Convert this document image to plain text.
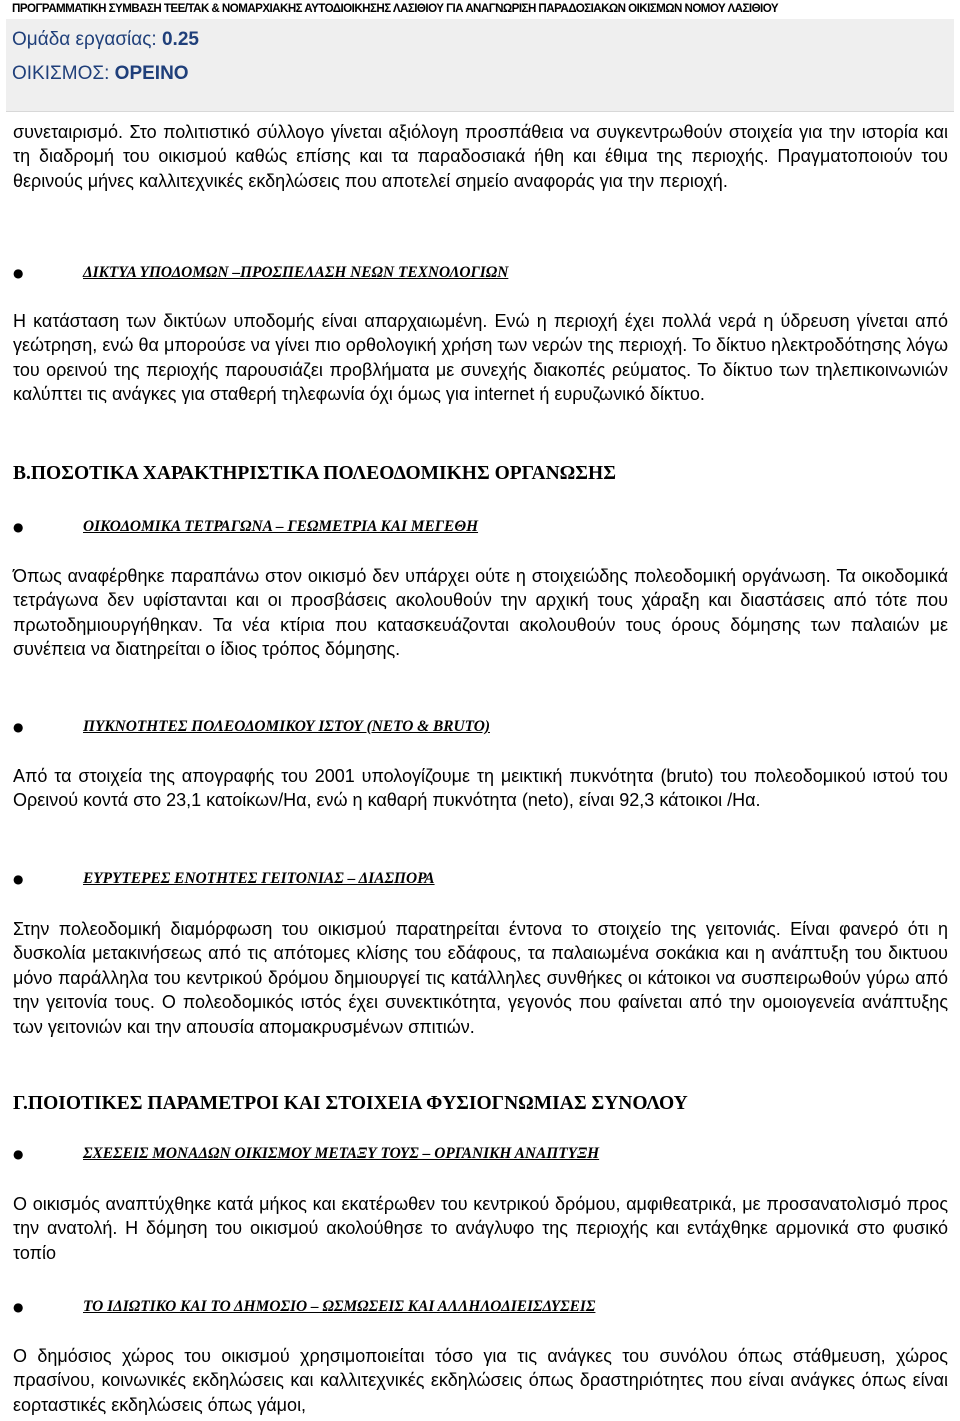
ΠΡΟΓΡΑΜΜΑΤΙΚΗ ΣΥΜΒΑΣΗ ΤΕΕ/ΤΑΚ & ΝΟΜΑΡΧΙΑΚΗΣ ΑΥΤΟΔΙΟΙΚΗΣΗΣ ΛΑΣΙΘΙΟΥ ΓΙΑ ΑΝΑΓΝΩΡΙΣΗ ΠΑΡΑΔΟΣΙΑΚΩΝ ΟΙΚΙΣΜΩΝ ΝΟΜΟΥ ΛΑΣΙΘΙΟΥ
Ομάδα εργασίας: 0.25
ΟΙΚΙΣΜΟΣ: ΟΡΕΙΝΟ

συνεταιρισμό. Στο πολιτιστικό σύλλογο γίνεται αξιόλογη προσπάθεια να συγκεντρωθούν στοιχεία για την ιστορία και τη διαδρομή του οικισμού καθώς επίσης και τα παραδοσιακά ήθη και έθιμα της περιοχής. Πραγματοποιούν του θερινούς μήνες καλλιτεχνικές εκδηλώσεις που αποτελεί σημείο αναφοράς για την περιοχή.

●	ΔΙΚΤΥΑ ΥΠΟΔΟΜΩΝ –ΠΡΟΣΠΕΛΑΣΗ ΝΕΩΝ ΤΕΧΝΟΛΟΓΙΩΝ

Η κατάσταση των δικτύων υποδομής είναι απαρχαιωμένη. Ενώ η περιοχή έχει πολλά νερά η ύδρευση γίνεται από γεώτρηση, ενώ θα μπορούσε να γίνει πιο ορθολογική χρήση των νερών της περιοχή. Το δίκτυο ηλεκτροδότησης λόγω του ορεινού της περιοχής παρουσιάζει προβλήματα με συνεχής διακοπές ρεύματος. Το δίκτυο των τηλεπικοινωνιών καλύπτει τις ανάγκες για σταθερή τηλεφωνία όχι όμως για internet ή ευρυζωνικό δίκτυο.

Β.ΠΟΣΟΤΙΚΑ ΧΑΡΑΚΤΗΡΙΣΤΙΚΑ ΠΟΛΕΟΔΟΜΙΚΗΣ ΟΡΓΑΝΩΣΗΣ
●	ΟΙΚΟΔΟΜΙΚΑ ΤΕΤΡΑΓΩΝΑ – ΓΕΩΜΕΤΡΙΑ ΚΑΙ ΜΕΓΕΘΗ

Όπως αναφέρθηκε παραπάνω στον οικισμό δεν υπάρχει ούτε η στοιχειώδης πολεοδομική οργάνωση. Τα οικοδομικά τετράγωνα δεν υφίστανται και οι προσβάσεις ακολουθούν την αρχική τους χάραξη και διαστάσεις από τότε που πρωτοδημιουργήθηκαν. Τα νέα κτίρια που κατασκευάζονται ακολουθούν τους όρους δόμησης των παλαιών με συνέπεια να διατηρείται ο ίδιος τρόπος δόμησης.

●	ΠΥΚΝΟΤΗΤΕΣ ΠΟΛΕΟΔΟΜΙΚΟΥ ΙΣΤΟΥ (NETO & BRUTO)

Από τα στοιχεία της απογραφής του 2001 υπολογίζουμε τη μεικτική πυκνότητα (bruto) του πολεοδομικού ιστού του Ορεινού κοντά στο 23,1 κατοίκων/Ηα, ενώ η καθαρή πυκνότητα (neto), είναι 92,3 κάτοικοι /Ηα.

●	ΕΥΡΥΤΕΡΕΣ ΕΝΟΤΗΤΕΣ ΓΕΙΤΟΝΙΑΣ – ΔΙΑΣΠΟΡΑ

Στην πολεοδομική διαμόρφωση του οικισμού παρατηρείται έντονα το στοιχείο της γειτονιάς. Είναι φανερό ότι η δυσκολία μετακινήσεως από τις απότομες κλίσης του εδάφους, τα παλαιωμένα σοκάκια και η ανάπτυξη του δικτυου μόνο παράλληλα του κεντρικού δρόμου δημιουργεί τις κατάλληλες συνθήκες οι κάτοικοι να συσπειρωθούν γύρω από την γειτονία τους. Ο πολεοδομικός ιστός έχει συνεκτικότητα, γεγονός που φαίνεται από την ομοιογενεία ανάπτυξης των γειτονιών και την απουσία απομακρυσμένων σπιτιών.

Γ.ΠΟΙΟΤΙΚΕΣ ΠΑΡΑΜΕΤΡΟΙ ΚΑΙ ΣΤΟΙΧΕΙΑ ΦΥΣΙΟΓΝΩΜΙΑΣ ΣΥΝΟΛΟΥ
●	ΣΧΕΣΕΙΣ ΜΟΝΑΔΩΝ ΟΙΚΙΣΜΟΥ ΜΕΤΑΞΥ ΤΟΥΣ – ΟΡΓΑΝΙΚΗ ΑΝΑΠΤΥΞΗ

Ο οικισμός αναπτύχθηκε κατά μήκος και εκατέρωθεν του κεντρικού δρόμου, αμφιθεατρικά, με προσανατολισμό προς την ανατολή. Η δόμηση του οικισμού ακολούθησε το ανάγλυφο της περιοχής και εντάχθηκε αρμονικά στο φυσικό τοπίο

●	ΤΟ ΙΔΙΩΤΙΚΟ ΚΑΙ ΤΟ ΔΗΜΟΣΙΟ – ΩΣΜΩΣΕΙΣ ΚΑΙ ΑΛΛΗΛΟΔΙΕΙΣΔΥΣΕΙΣ

Ο δημόσιος χώρος του οικισμού χρησιμοποιείται τόσο για τις ανάγκες του συνόλου όπως στάθμευση, χώρος πρασίνου, κοινωνικές εκδηλώσεις και καλλιτεχνικές εκδηλώσεις όπως δραστηριότητες που είναι ανάγκες όπως είναι εορταστικές εκδηλώσεις όπως γάμοι,
